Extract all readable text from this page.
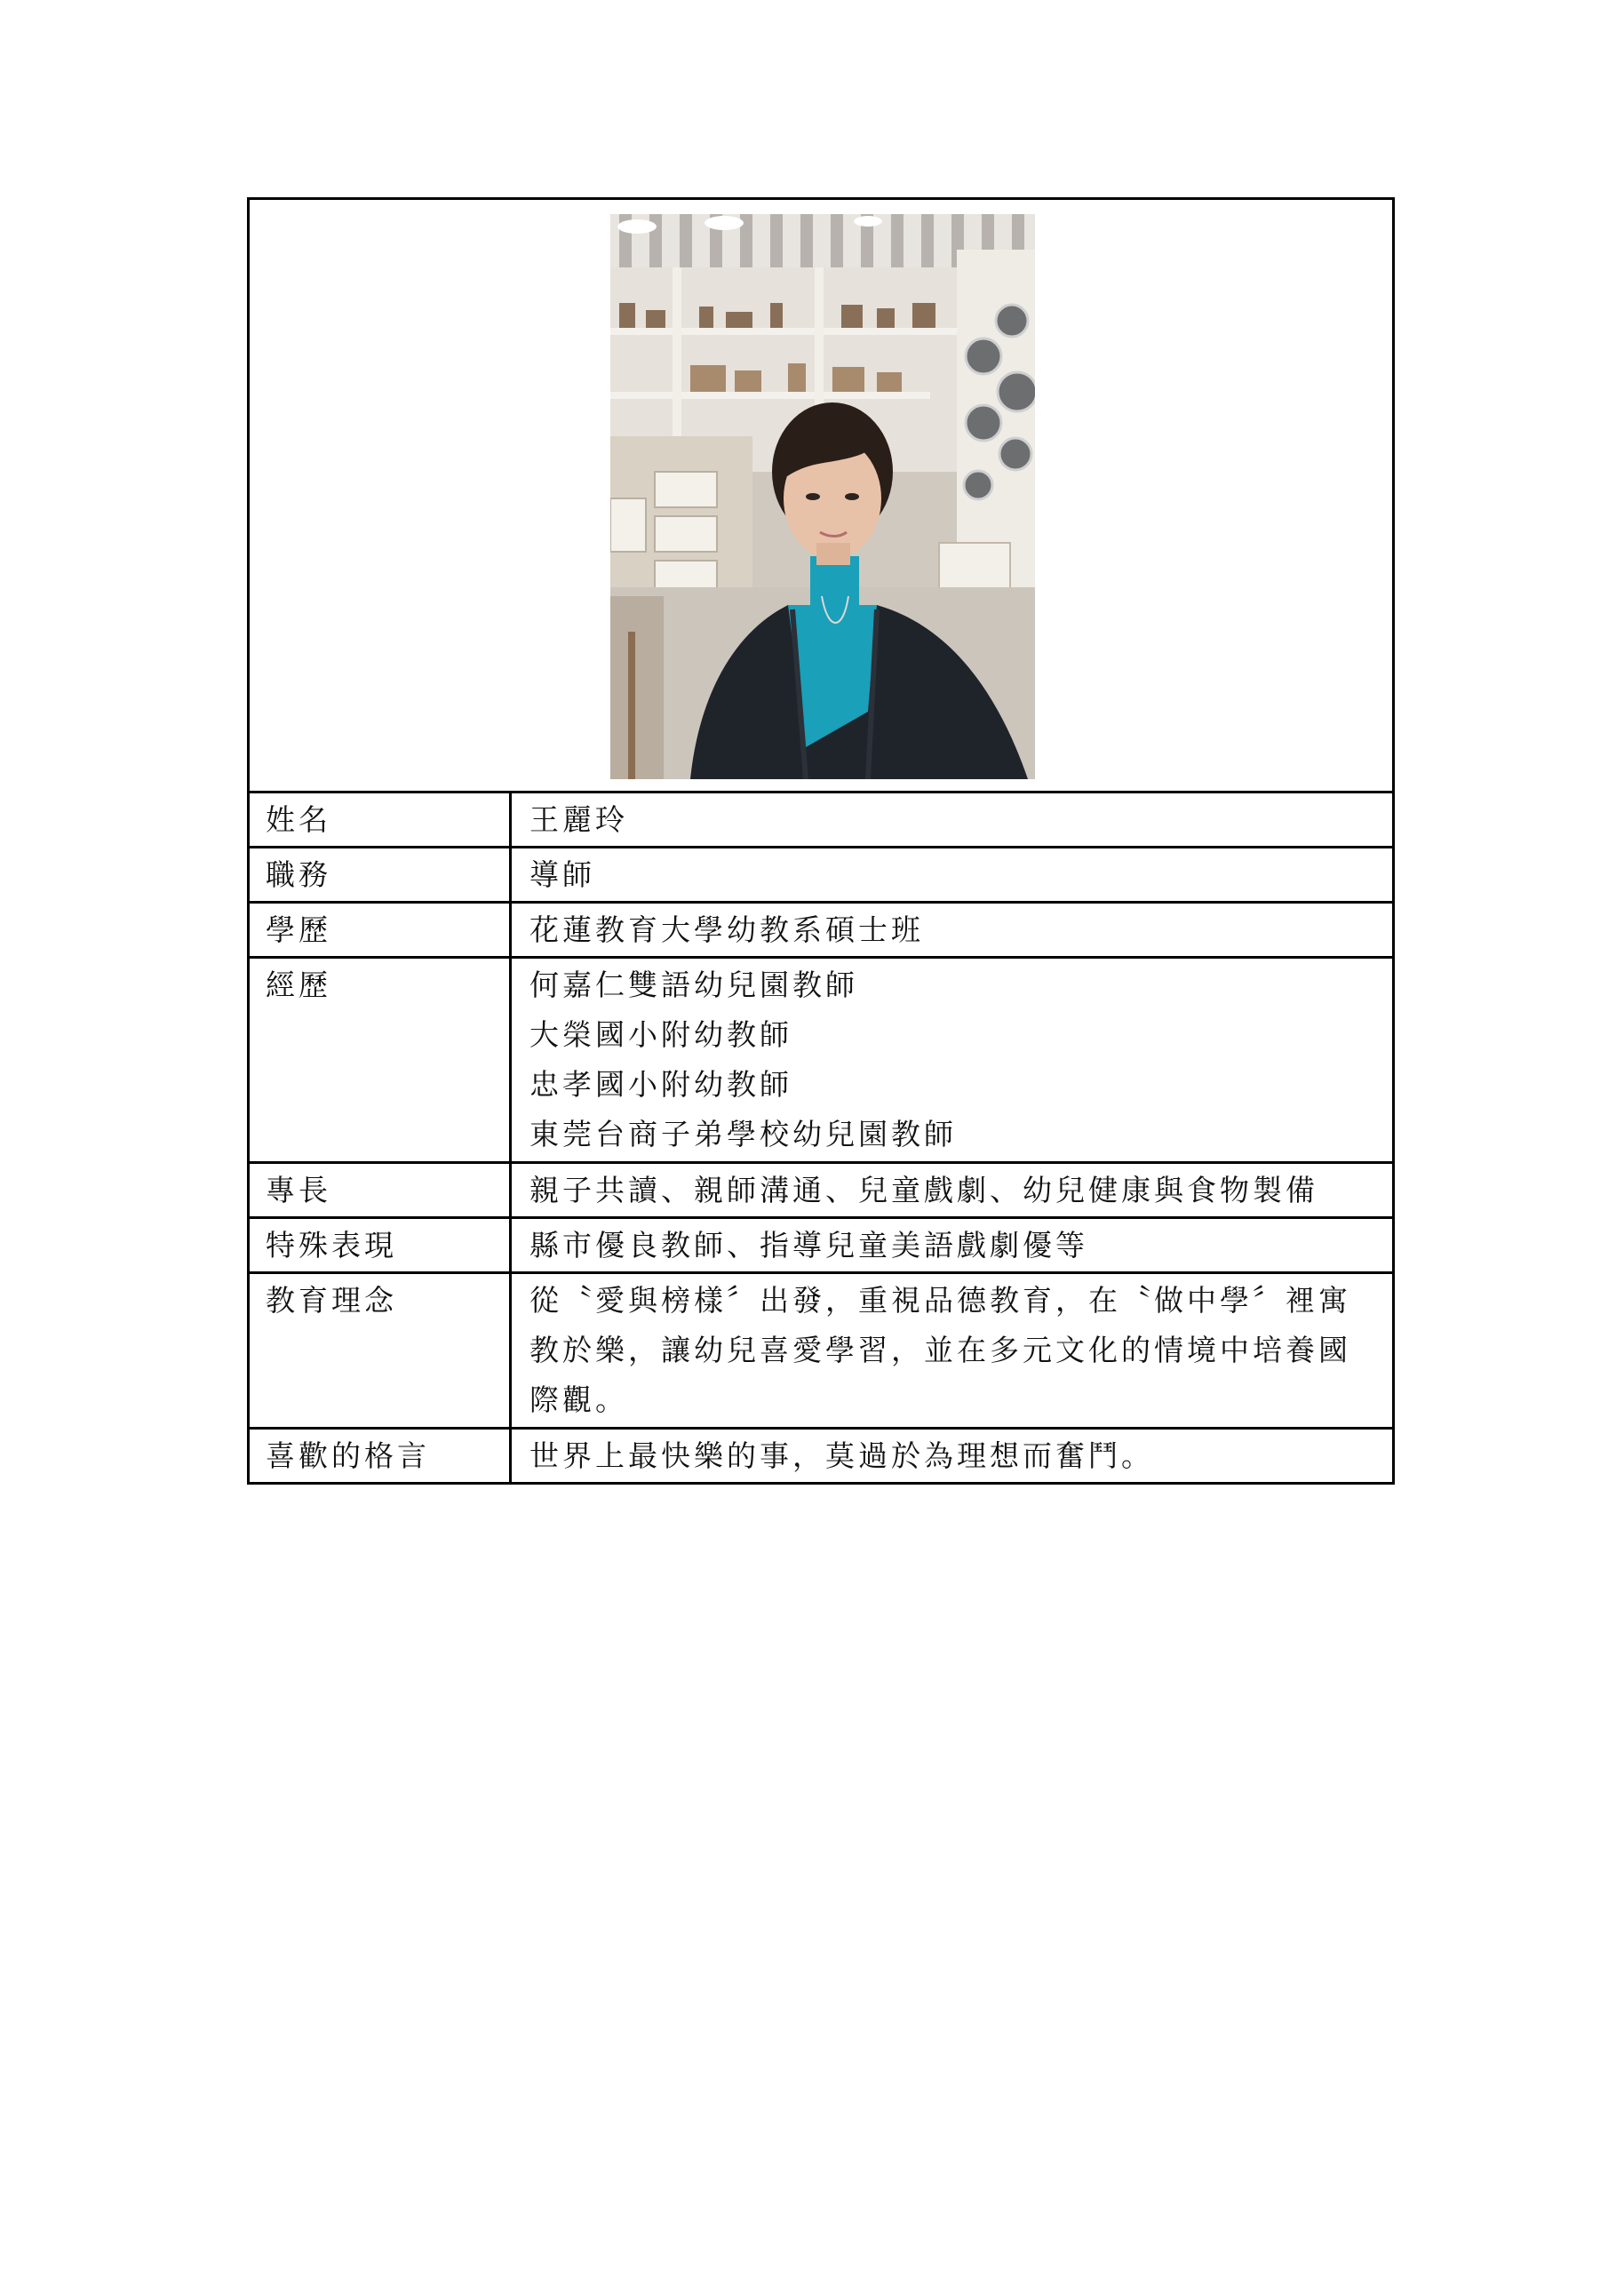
姓名	王麗玲
職務	導師
學歷	花蓮教育大學幼教系碩士班
經歷	何嘉仁雙語幼兒園教師
大榮國小附幼教師
忠孝國小附幼教師
東莞台商子弟學校幼兒園教師
專長	親子共讀、親師溝通、兒童戲劇、幼兒健康與食物製備
特殊表現	縣市優良教師、指導兒童美語戲劇優等
教育理念	從〝愛與榜樣〞出發，重視品德教育，在〝做中學〞裡寓
教於樂，讓幼兒喜愛學習，並在多元文化的情境中培養國
際觀。
喜歡的格言	世界上最快樂的事，莫過於為理想而奮鬥。
